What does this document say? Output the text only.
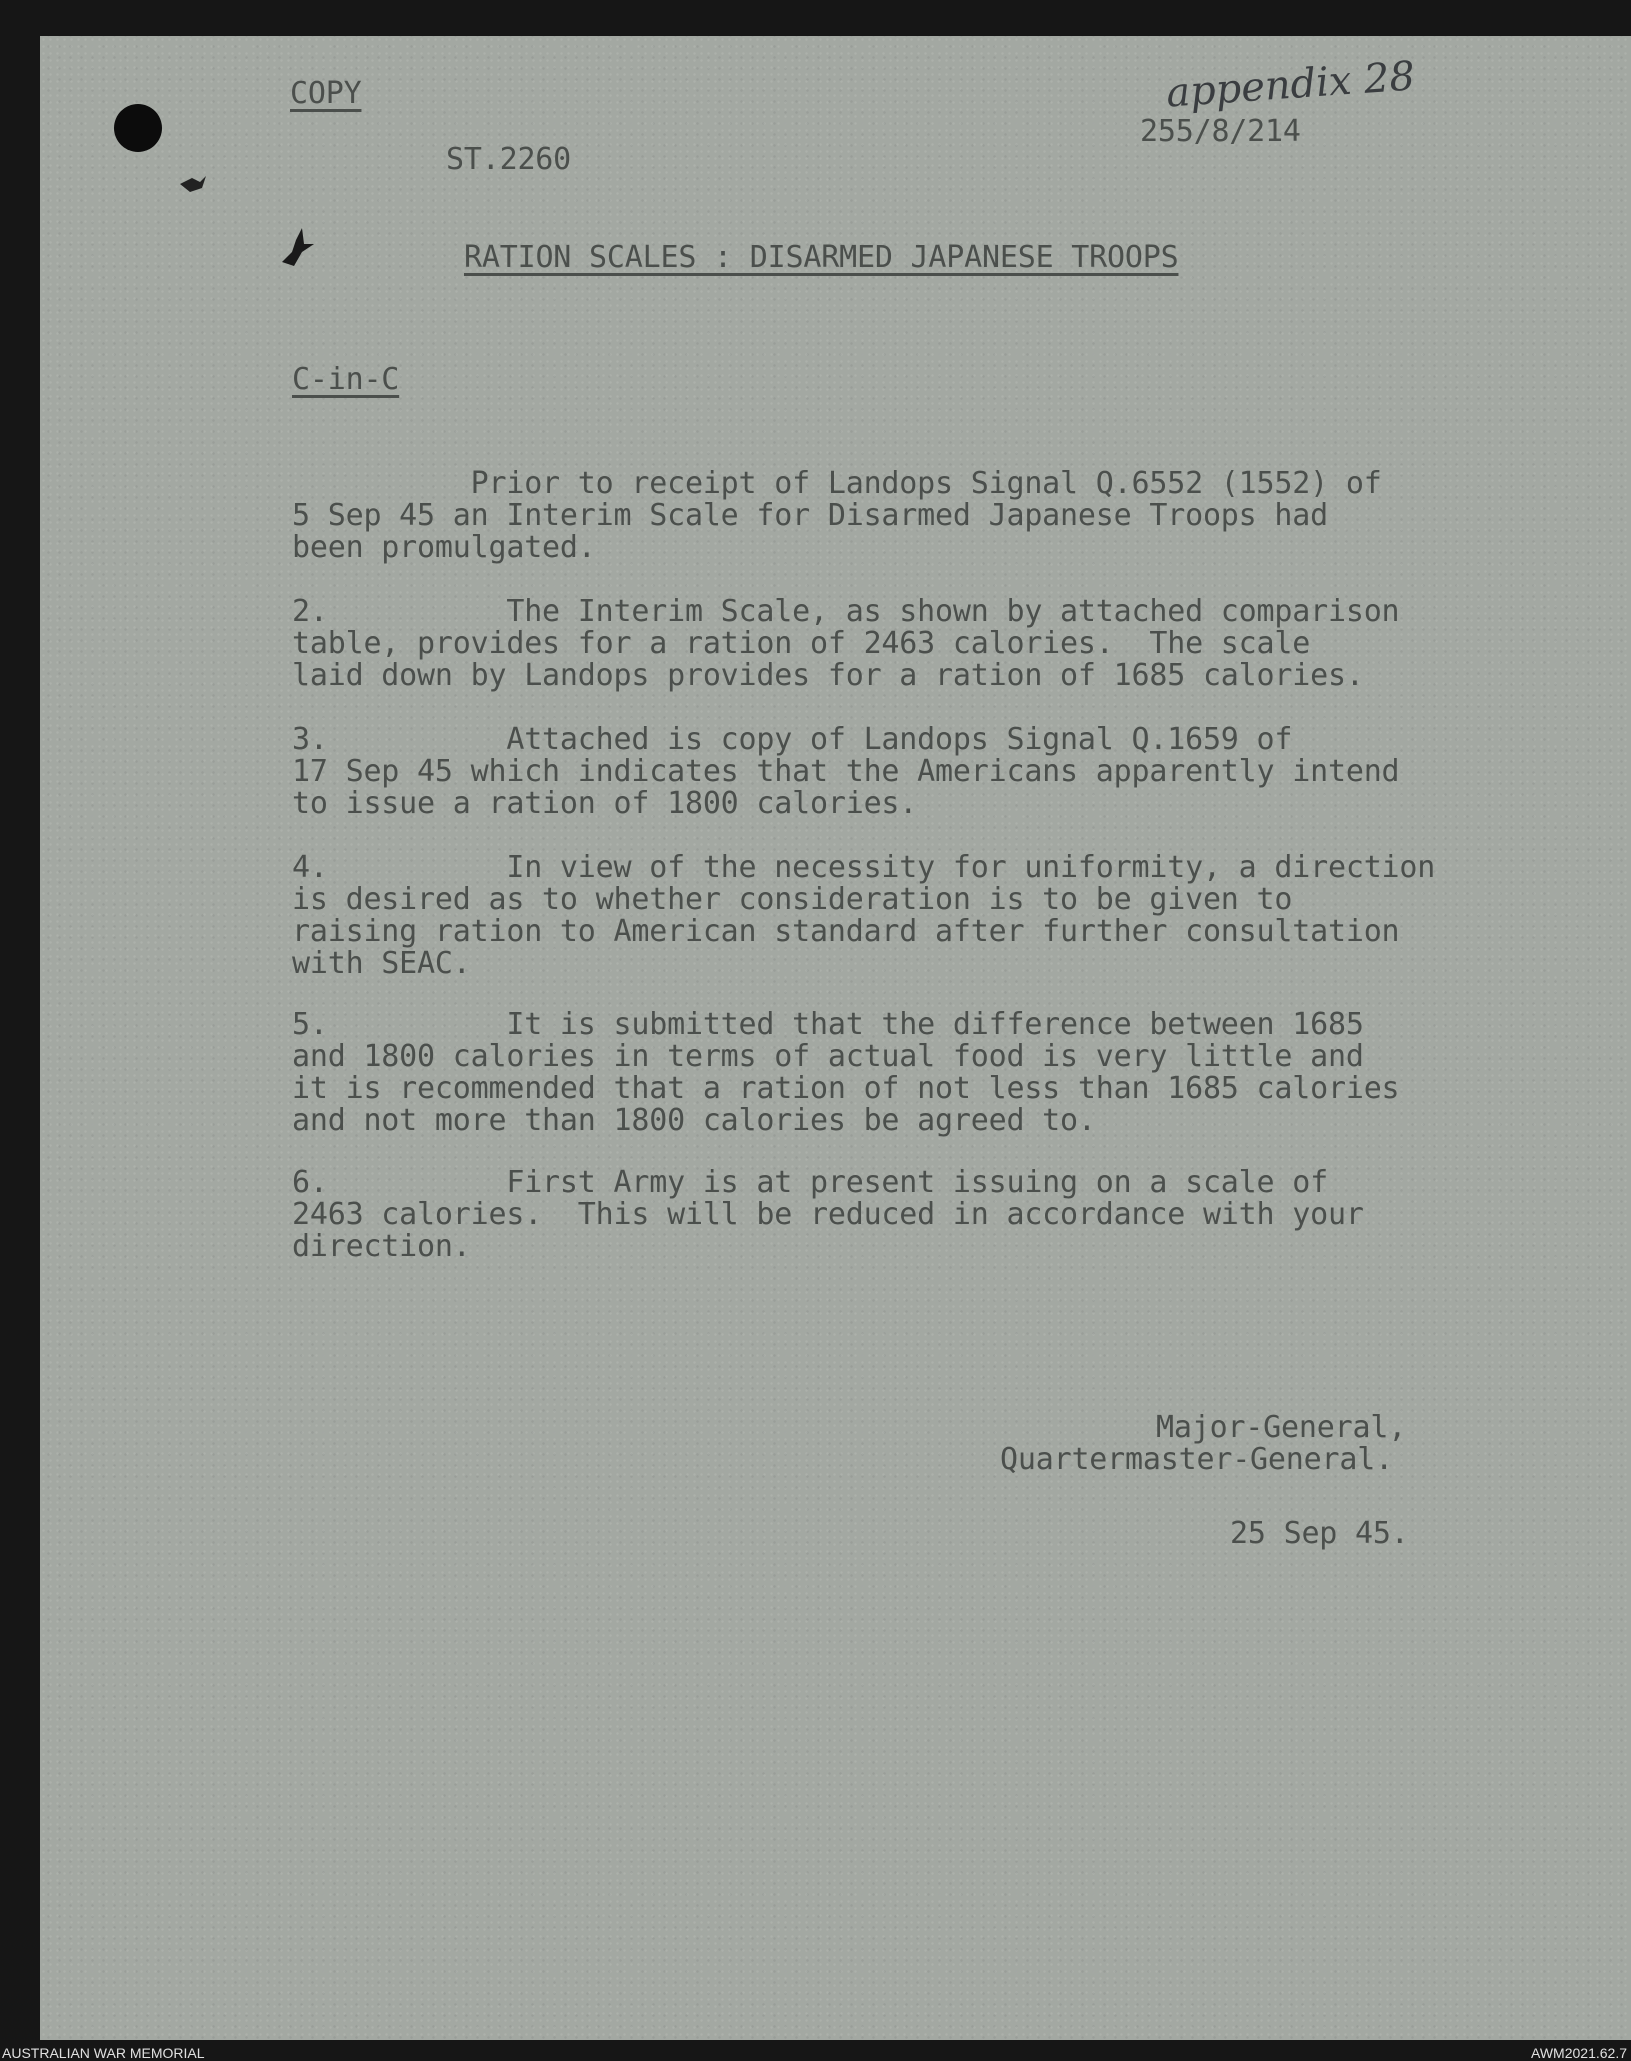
COPY
ST.2260
255/8/214
appendix 28
RATION SCALES : DISARMED JAPANESE TROOPS
C-in-C
Prior to receipt of Landops Signal Q.6552 (1552) of
5 Sep 45 an Interim Scale for Disarmed Japanese Troops had
been promulgated.
2.          The Interim Scale, as shown by attached comparison
table, provides for a ration of 2463 calories.  The scale
laid down by Landops provides for a ration of 1685 calories.
3.          Attached is copy of Landops Signal Q.1659 of
17 Sep 45 which indicates that the Americans apparently intend
to issue a ration of 1800 calories.
4.          In view of the necessity for uniformity, a direction
is desired as to whether consideration is to be given to
raising ration to American standard after further consultation
with SEAC.
5.          It is submitted that the difference between 1685
and 1800 calories in terms of actual food is very little and
it is recommended that a ration of not less than 1685 calories
and not more than 1800 calories be agreed to.
6.          First Army is at present issuing on a scale of
2463 calories.  This will be reduced in accordance with your
direction.
Major-General,
Quartermaster-General.
25 Sep 45.
AUSTRALIAN WAR MEMORIAL	AWM2021.62.7
